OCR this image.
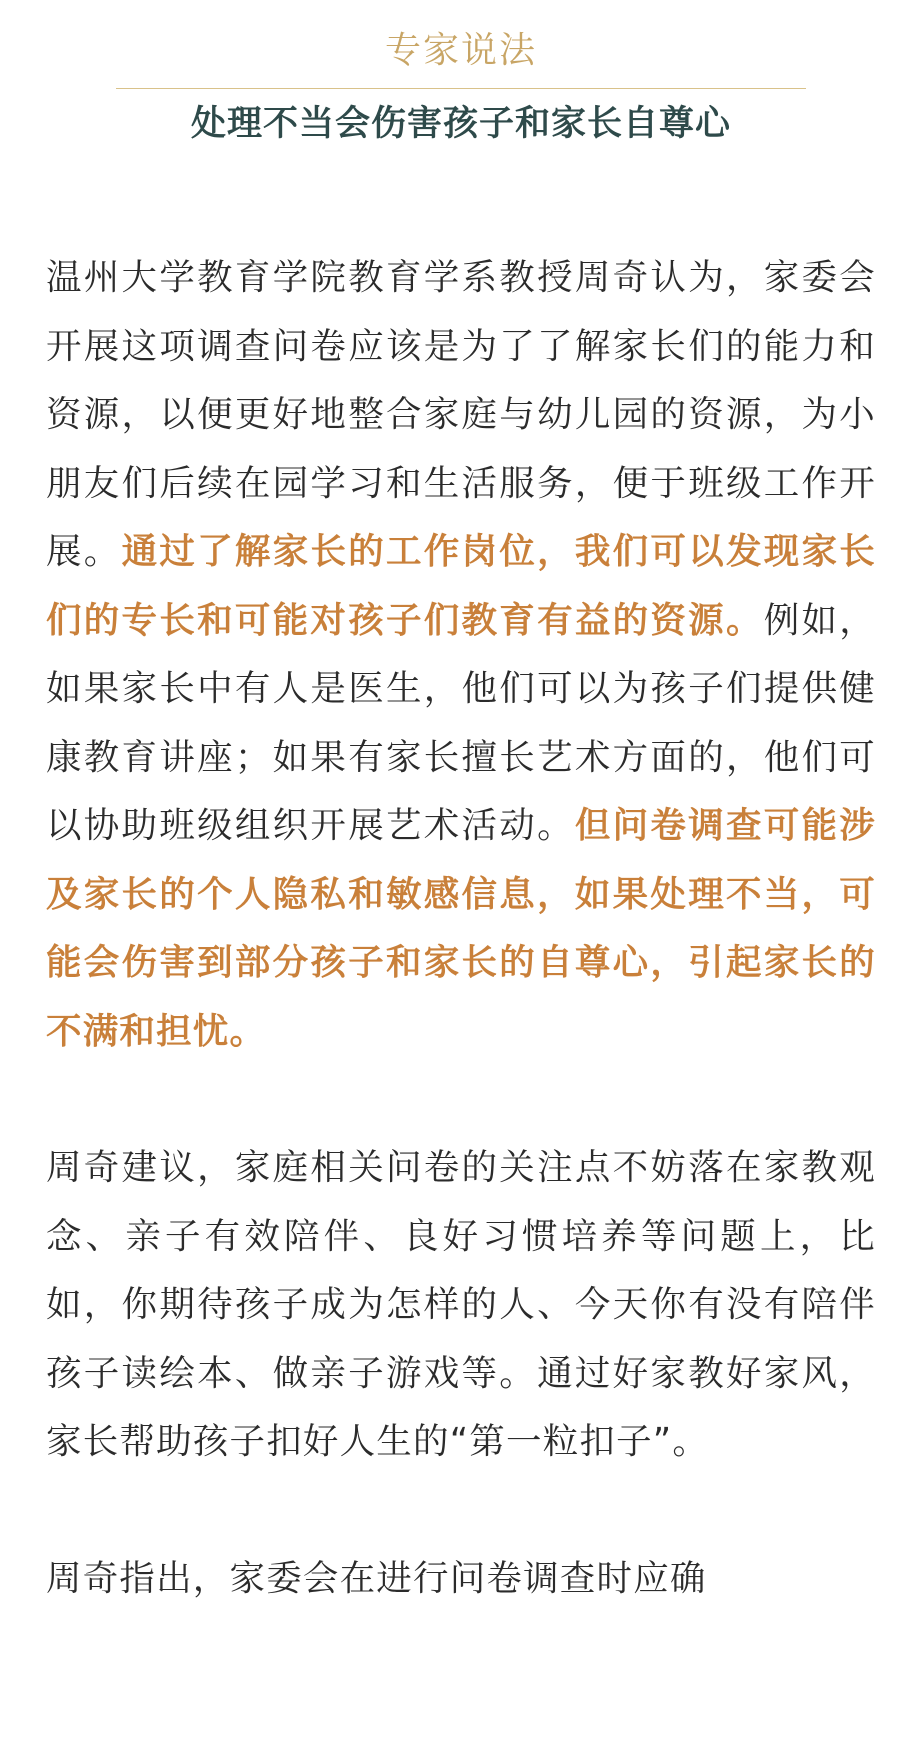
专家说法
处理不当会伤害孩子和家长自尊心

温州大学教育学院教育学系教授周奇认为，家委会开展这项调查问卷应该是为了了解家长们的能力和资源，以便更好地整合家庭与幼儿园的资源，为小朋友们后续在园学习和生活服务，便于班级工作开展。通过了解家长的工作岗位，我们可以发现家长们的专长和可能对孩子们教育有益的资源。例如，如果家长中有人是医生，他们可以为孩子们提供健康教育讲座；如果有家长擅长艺术方面的，他们可以协助班级组织开展艺术活动。但问卷调查可能涉及家长的个人隐私和敏感信息，如果处理不当，可能会伤害到部分孩子和家长的自尊心，引起家长的不满和担忧。

周奇建议，家庭相关问卷的关注点不妨落在家教观念、亲子有效陪伴、良好习惯培养等问题上，比如，你期待孩子成为怎样的人、今天你有没有陪伴孩子读绘本、做亲子游戏等。通过好家教好家风，家长帮助孩子扣好人生的“第一粒扣子”。

周奇指出，家委会在进行问卷调查时应确
